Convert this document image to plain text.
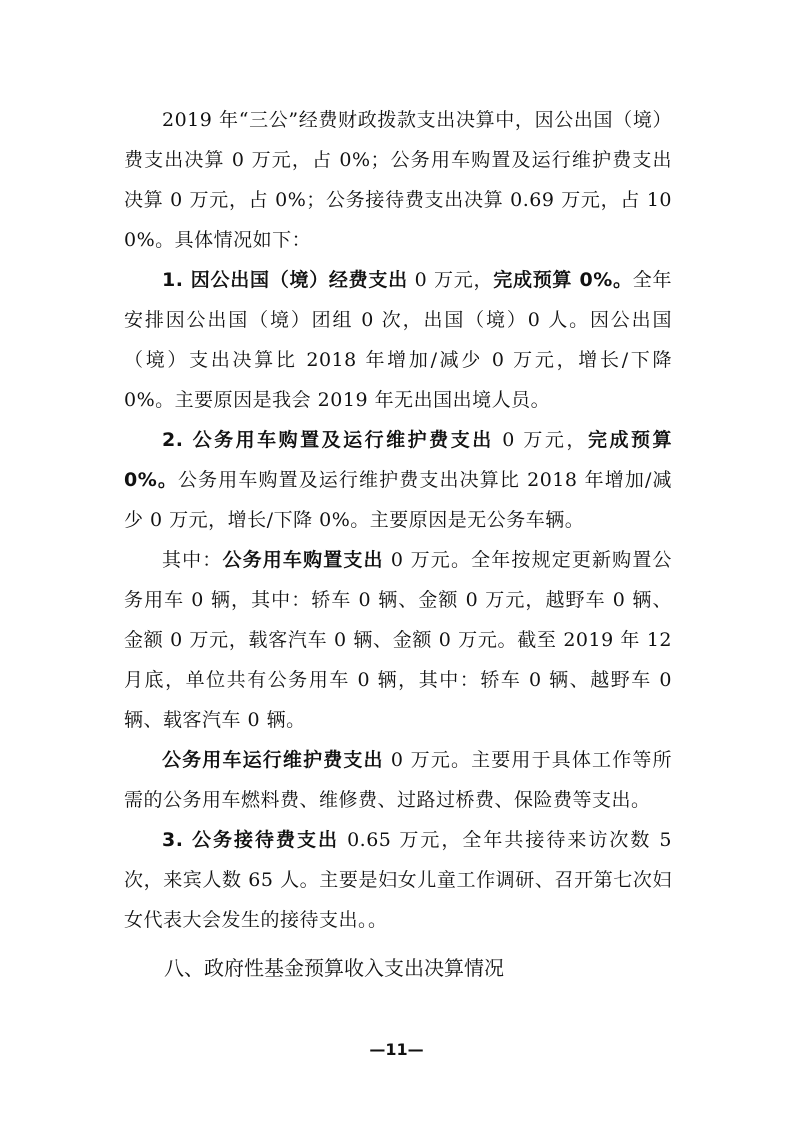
2019 年“三公”经费财政拨款支出决算中，因公出国（境）费支出决算 0 万元，占 0%；公务用车购置及运行维护费支出决算 0 万元，占 0%；公务接待费支出决算 0.69 万元，占 100%。具体情况如下：

1. 因公出国（境）经费支出 0 万元，完成预算 0%。全年安排因公出国（境）团组 0 次，出国（境）0 人。因公出国（境）支出决算比 2018 年增加/减少 0 万元，增长/下降 0%。主要原因是我会 2019 年无出国出境人员。

2. 公务用车购置及运行维护费支出 0 万元，完成预算 0%。公务用车购置及运行维护费支出决算比 2018 年增加/减少 0 万元，增长/下降 0%。主要原因是无公务车辆。

其中：公务用车购置支出 0 万元。全年按规定更新购置公务用车 0 辆，其中：轿车 0 辆、金额 0 万元，越野车 0 辆、金额 0 万元，载客汽车 0 辆、金额 0 万元。截至 2019 年 12 月底，单位共有公务用车 0 辆，其中：轿车 0 辆、越野车 0 辆、载客汽车 0 辆。

公务用车运行维护费支出 0 万元。主要用于具体工作等所需的公务用车燃料费、维修费、过路过桥费、保险费等支出。

3. 公务接待费支出 0.65 万元，全年共接待来访次数 5 次，来宾人数 65 人。主要是妇女儿童工作调研、召开第七次妇女代表大会发生的接待支出。。

八、政府性基金预算收入支出决算情况

—11—
